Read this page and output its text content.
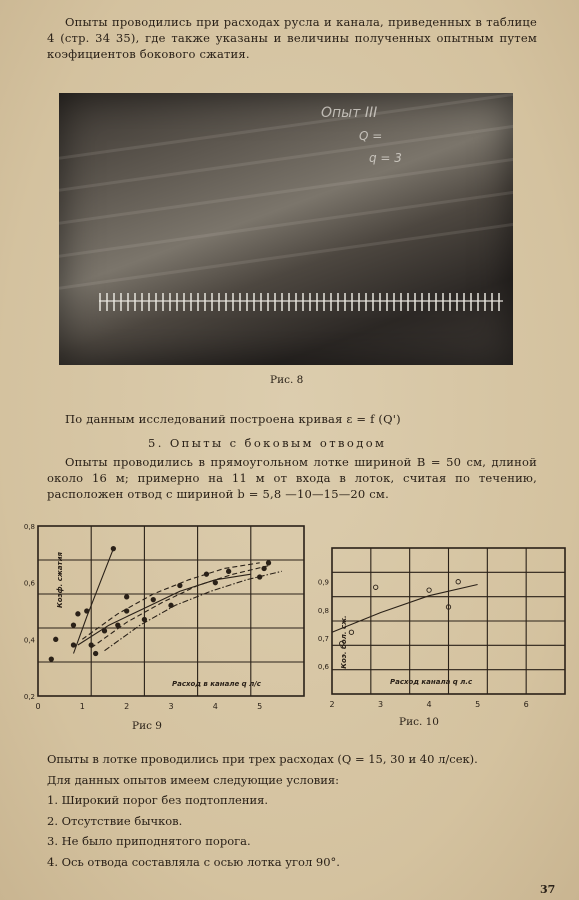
Опыты проводились при расходах русла и канала, приведенных в таблице 4 (стр. 34 35), где также указаны и величины полученных опытным путем коэфициентов бокового сжатия.
Опыт III
Q =
q = 3
Рис. 8
По данным исследований построена кривая ε = f (Q')
5. Опыты с боковым отводом
Опыты проводились в прямоугольном лотке шириной B = 50 см, длиной около 16 м; примерно на 11 м от входа в лоток, считая по течению, расположен отвод с шириной b = 5,8 —10—15—20 см.
0	1	2	3	4	5
0,2
0,4
0,6
0,8
Расход в канале q л/с
Коэф. сжатия
2	3	4	5	6
0,6
0,7
0,8
0,9
Расход канала q л.с
Коэ. бол. сж.
Рис 9	Рис. 10
Опыты в лотке проводились при трех расходах (Q = 15, 30 и 40 л/сек).
Для данных опытов имеем следующие условия:
1. Широкий порог без подтопления.
2. Отсутствие бычков.
3. Не было приподнятого порога.
4. Ось отвода составляла с осью лотка угол 90°.
37
